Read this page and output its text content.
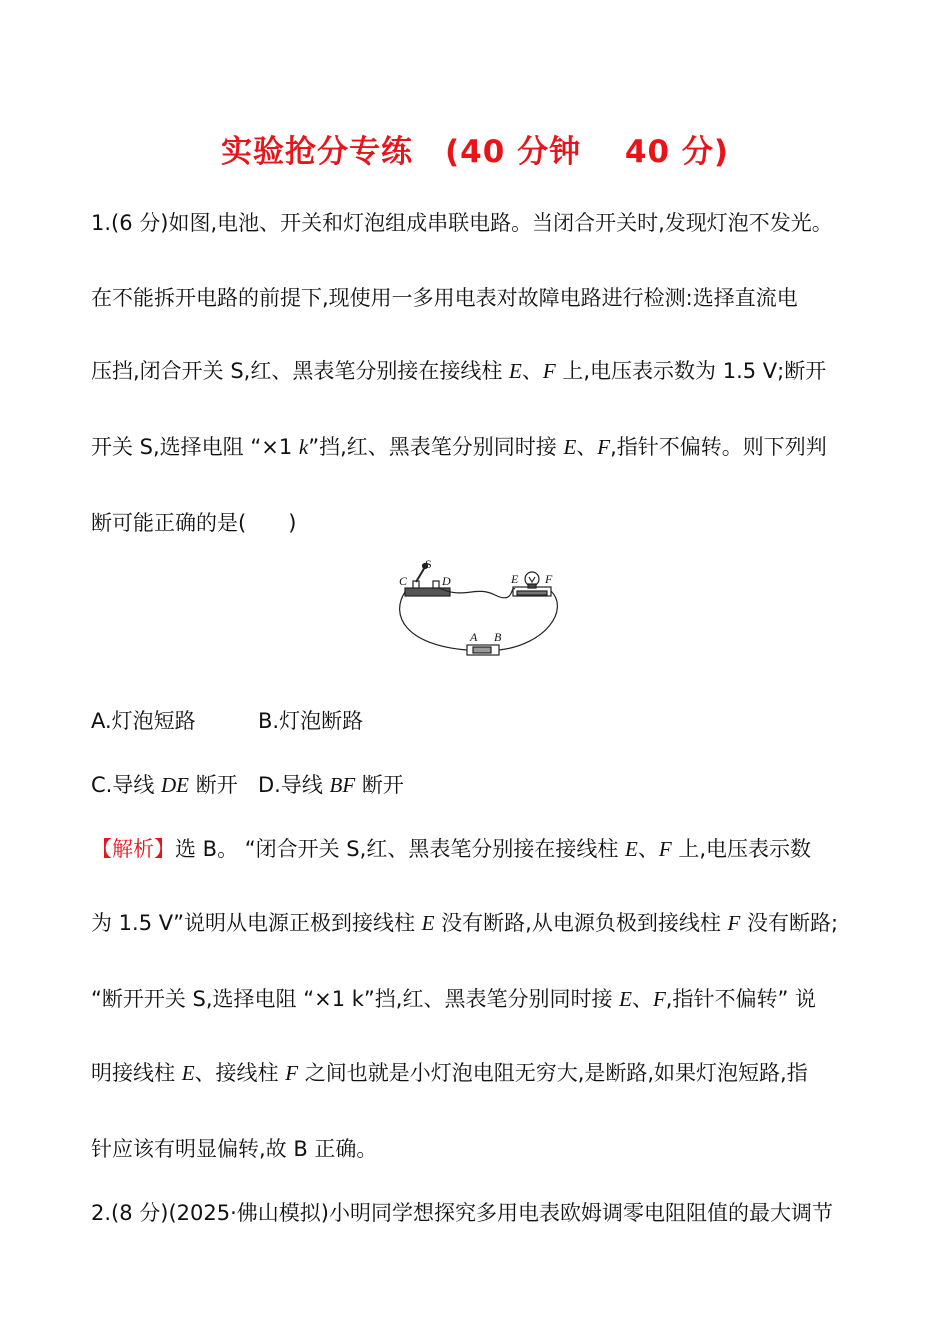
实验抢分专练　(40 分钟　 40 分)
1.(6 分)如图,电池、开关和灯泡组成串联电路。当闭合开关时,发现灯泡不发光。
在不能拆开电路的前提下,现使用一多用电表对故障电路进行检测:选择直流电
压挡,闭合开关 S,红、黑表笔分别接在接线柱 E、F 上,电压表示数为 1.5 V;断开
开关 S,选择电阻 “×1 k”挡,红、黑表笔分别同时接 E、F,指针不偏转。则下列判
断可能正确的是(　　)
S
C	D	E F
A B
A.灯泡短路	B.灯泡断路
C.导线 DE 断开 D.导线 BF 断开
【解析】选 B。 “闭合开关 S,红、黑表笔分别接在接线柱 E、F 上,电压表示数
为 1.5 V”说明从电源正极到接线柱 E 没有断路,从电源负极到接线柱 F 没有断路;
“断开开关 S,选择电阻 “×1 k”挡,红、黑表笔分别同时接 E、F,指针不偏转” 说
明接线柱 E、接线柱 F 之间也就是小灯泡电阻无穷大,是断路,如果灯泡短路,指
针应该有明显偏转,故 B 正确。
2.(8 分)(2025·佛山模拟)小明同学想探究多用电表欧姆调零电阻阻值的最大调节
